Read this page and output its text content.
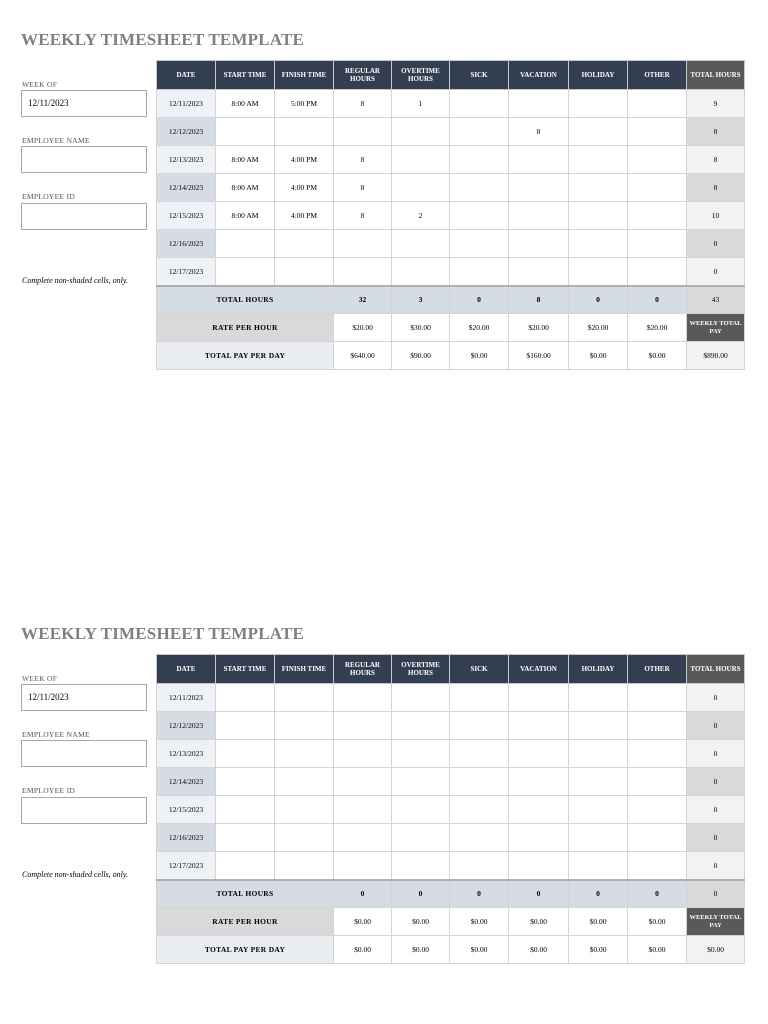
WEEKLY TIMESHEET TEMPLATE
WEEK OF
12/11/2023
EMPLOYEE NAME
EMPLOYEE ID
Complete non-shaded cells, only.
DATE	START TIME	FINISH TIME	REGULAR HOURS	OVERTIME HOURS	SICK	VACATION	HOLIDAY	OTHER	TOTAL HOURS
12/11/2023	8:00 AM	5:00 PM	8	1					9
12/12/2023						8			8
12/13/2023	8:00 AM	4:00 PM	8						8
12/14/2023	8:00 AM	4:00 PM	8						8
12/15/2023	8:00 AM	4:00 PM	8	2					10
12/16/2023									0
12/17/2023									0
TOTAL HOURS			32	3	0	8	0	0	43
RATE PER HOUR			$20.00	$30.00	$20.00	$20.00	$20.00	$20.00	WEEKLY TOTAL PAY
TOTAL PAY PER DAY			$640.00	$90.00	$0.00	$160.00	$0.00	$0.00	$890.00
WEEKLY TIMESHEET TEMPLATE
WEEK OF
12/11/2023
EMPLOYEE NAME
EMPLOYEE ID
Complete non-shaded cells, only.
DATE	START TIME	FINISH TIME	REGULAR HOURS	OVERTIME HOURS	SICK	VACATION	HOLIDAY	OTHER	TOTAL HOURS
12/11/2023									0
12/12/2023									0
12/13/2023									0
12/14/2023									0
12/15/2023									0
12/16/2023									0
12/17/2023									0
TOTAL HOURS			0	0	0	0	0	0	0
RATE PER HOUR			$0.00	$0.00	$0.00	$0.00	$0.00	$0.00	WEEKLY TOTAL PAY
TOTAL PAY PER DAY			$0.00	$0.00	$0.00	$0.00	$0.00	$0.00	$0.00
